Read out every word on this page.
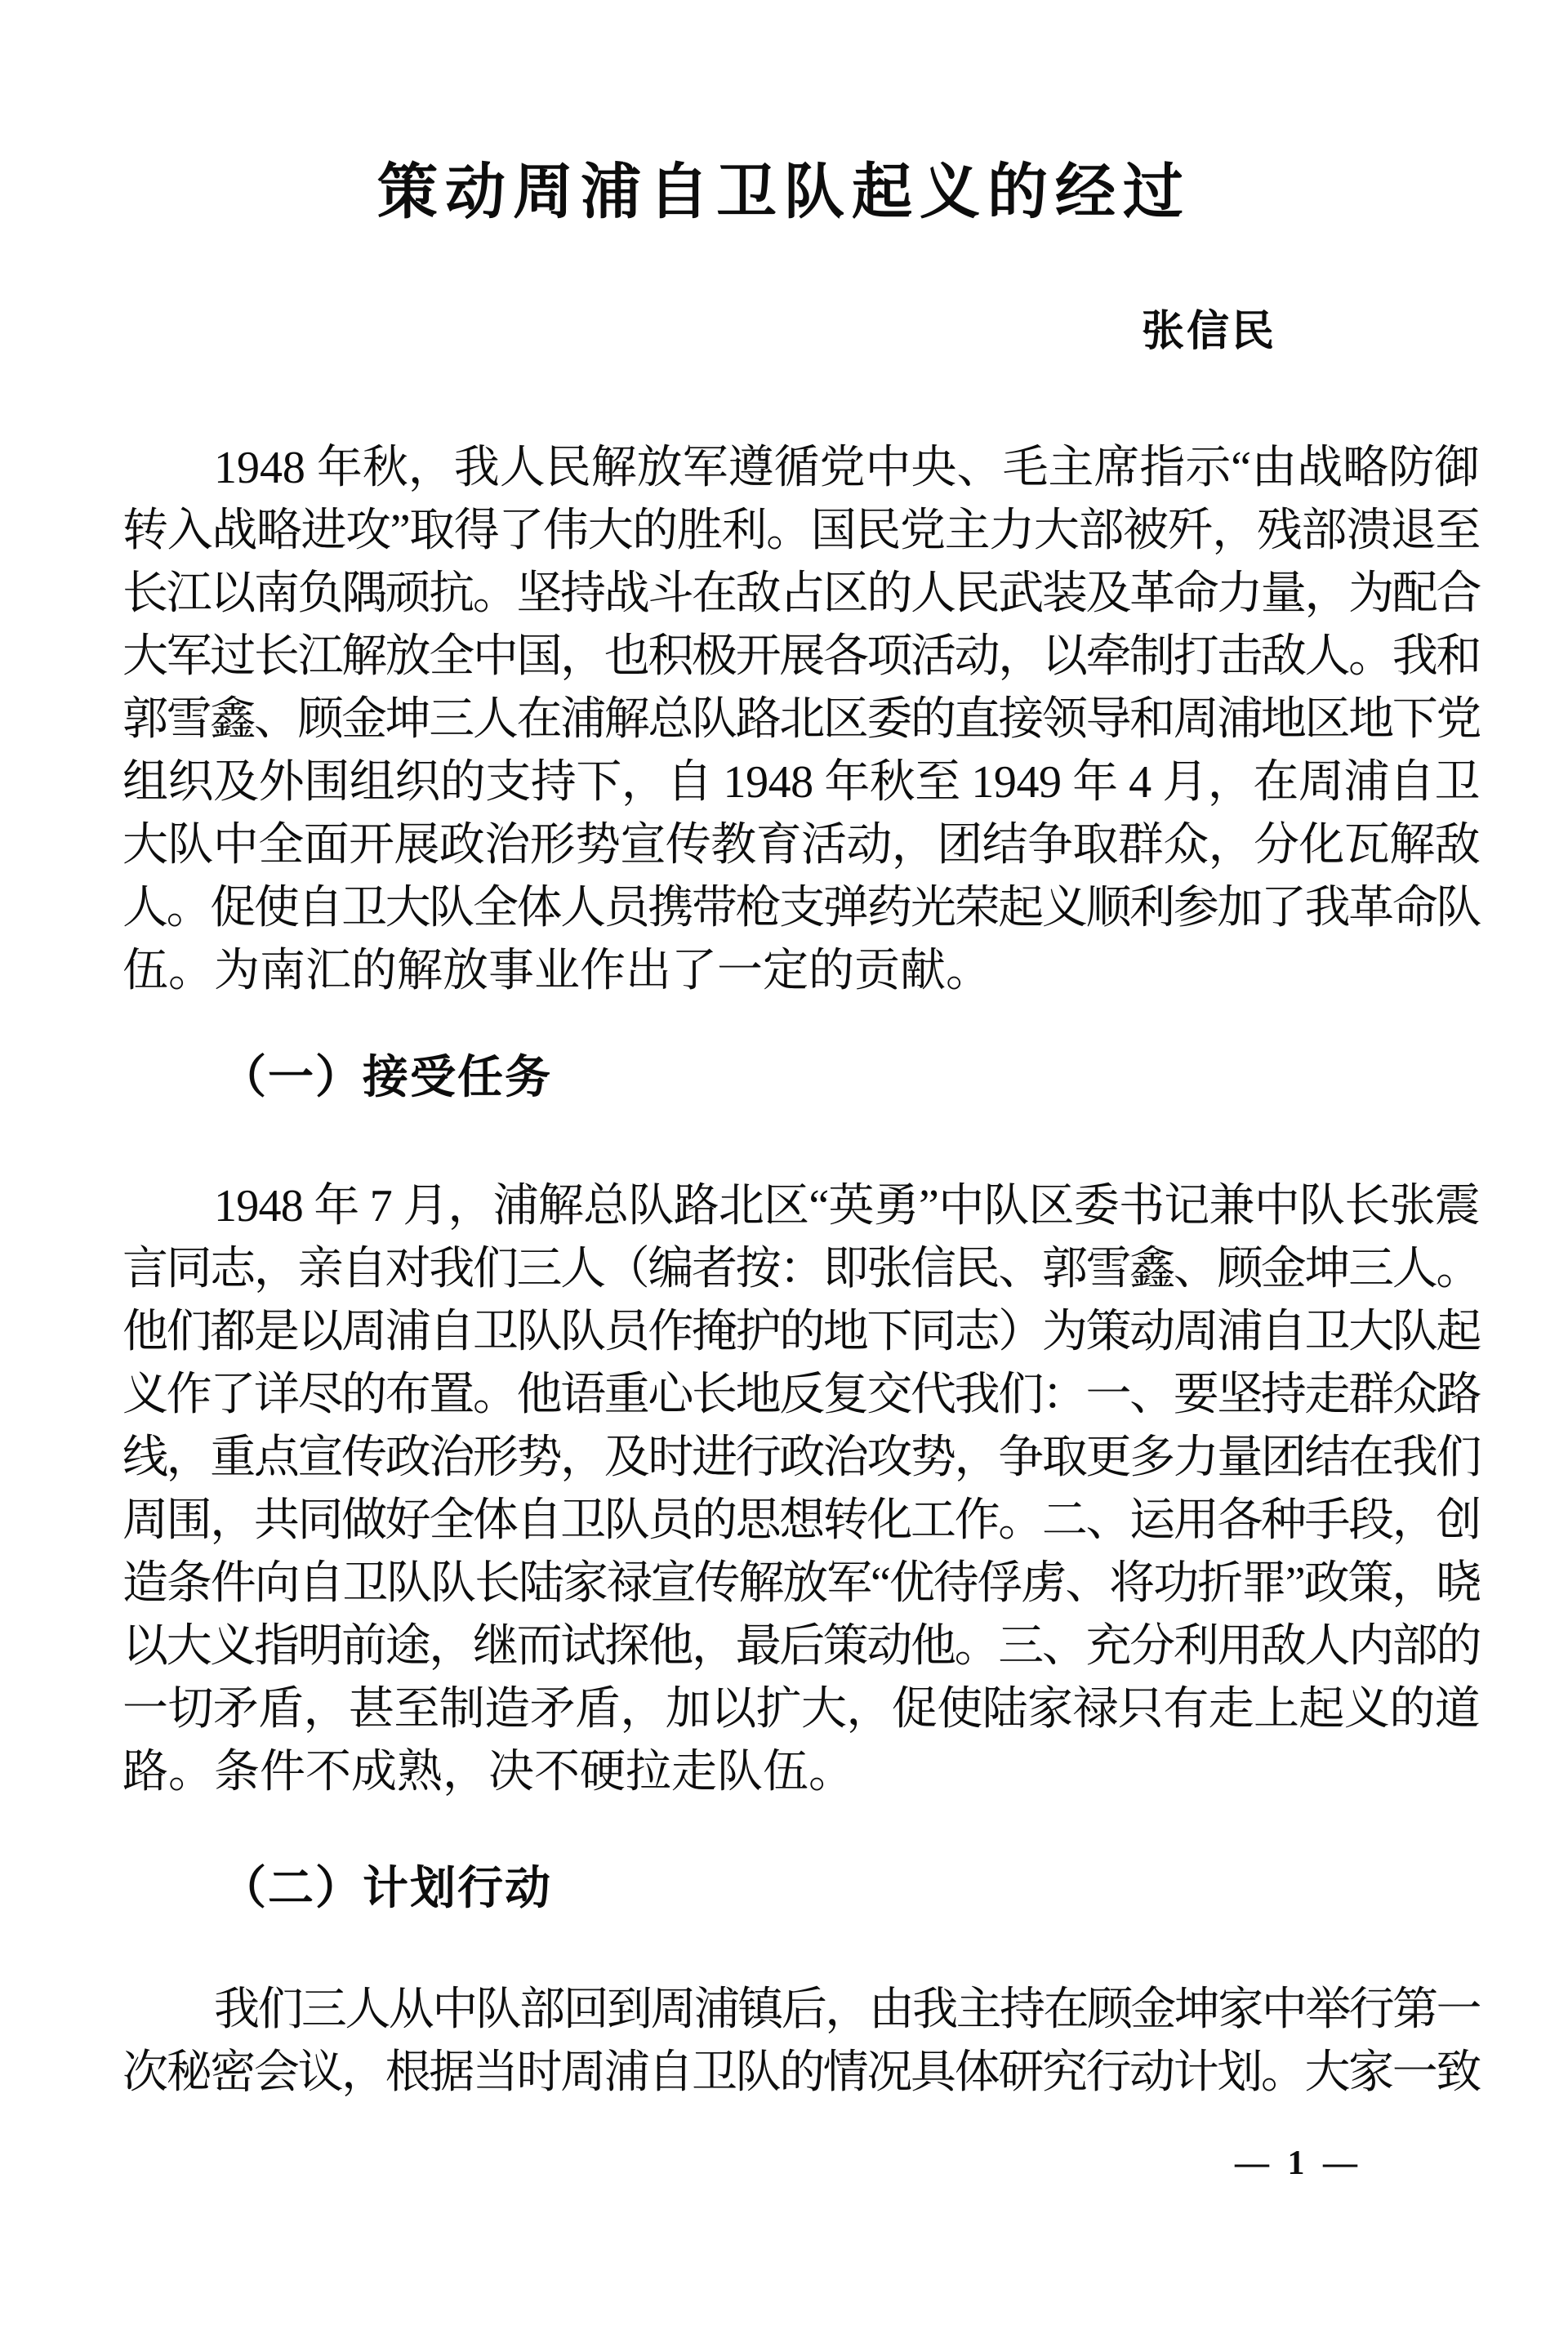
策动周浦自卫队起义的经过
张信民
1948 年秋，我人民解放军遵循党中央、毛主席指示“由战略防御
转入战略进攻”取得了伟大的胜利。国民党主力大部被歼，残部溃退至
长江以南负隅顽抗。坚持战斗在敌占区的人民武装及革命力量，为配合
大军过长江解放全中国，也积极开展各项活动，以牵制打击敌人。我和
郭雪鑫、顾金坤三人在浦解总队路北区委的直接领导和周浦地区地下党
组织及外围组织的支持下，自 1948 年秋至 1949 年 4 月，在周浦自卫
大队中全面开展政治形势宣传教育活动，团结争取群众，分化瓦解敌
人。促使自卫大队全体人员携带枪支弹药光荣起义顺利参加了我革命队
伍。为南汇的解放事业作出了一定的贡献。
（一）接受任务
1948 年 7 月，浦解总队路北区“英勇”中队区委书记兼中队长张震
言同志，亲自对我们三人（编者按：即张信民、郭雪鑫、顾金坤三人。
他们都是以周浦自卫队队员作掩护的地下同志）为策动周浦自卫大队起
义作了详尽的布置。他语重心长地反复交代我们：一、要坚持走群众路
线，重点宣传政治形势，及时进行政治攻势，争取更多力量团结在我们
周围，共同做好全体自卫队员的思想转化工作。二、运用各种手段，创
造条件向自卫队队长陆家禄宣传解放军“优待俘虏、将功折罪”政策，晓
以大义指明前途，继而试探他，最后策动他。三、充分利用敌人内部的
一切矛盾，甚至制造矛盾，加以扩大，促使陆家禄只有走上起义的道
路。条件不成熟，决不硬拉走队伍。
（二）计划行动
我们三人从中队部回到周浦镇后，由我主持在顾金坤家中举行第一
次秘密会议，根据当时周浦自卫队的情况具体研究行动计划。大家一致
— 1 —
